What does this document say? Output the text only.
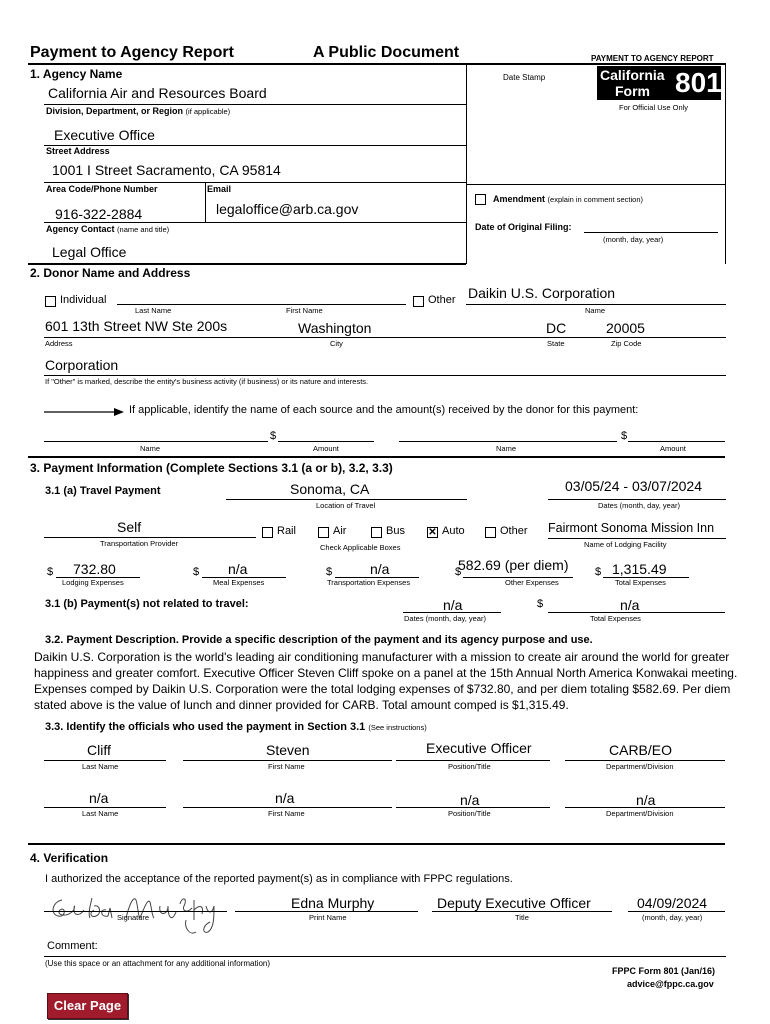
Payment to Agency Report	A Public Document	PAYMENT TO AGENCY REPORT
California
Form 801
For Official Use Only
Date Stamp
1. Agency Name
California Air and Resources Board
Division, Department, or Region (if applicable)
Executive Office
Street Address
1001 I Street Sacramento, CA 95814
Area Code/Phone Number	Email
916-322-2884	legaloffice@arb.ca.gov
Agency Contact (name and title)
Legal Office
Amendment (explain in comment section)
Date of Original Filing:
(month, day, year)
2. Donor Name and Address
Individual
Last Name	First Name
Other Daikin U.S. Corporation
Name
601 13th Street NW Ste 200s	Washington	DC	20005
Address	City	State	Zip Code
Corporation
If "Other" is marked, describe the entity's business activity (if business) or its nature and interests.
If applicable, identify the name of each source and the amount(s) received by the donor for this payment:
$	$
Name	Amount	Name	Amount
3. Payment Information (Complete Sections 3.1 (a or b), 3.2, 3.3)
3.1 (a) Travel Payment	Sonoma, CA
Location of Travel
03/05/24 - 03/07/2024
Dates (month, day, year)
Self
Transportation Provider
Rail	Air	Bus ✕ Auto	Other
Check Applicable Boxes
Fairmont Sonoma Mission Inn
Name of Lodging Facility
$ 732.80
Lodging Expenses
$ n/a
Meal Expenses
$	n/a
Transportation Expenses
$
582.69 (per diem)
Other Expenses
$ 1,315.49
Total Expenses
3.1 (b) Payment(s) not related to travel:	n/a
Dates (month, day, year)
$	n/a
Total Expenses
3.2. Payment Description. Provide a specific description of the payment and its agency purpose and use.
Daikin U.S. Corporation is the world's leading air conditioning manufacturer with a mission to create air around the world for greater happiness and greater comfort. Executive Officer Steven Cliff spoke on a panel at the 15th Annual North America Konwakai meeting. Expenses comped by Daikin U.S. Corporation were the total lodging expenses of $732.80, and per diem totaling $582.69. Per diem stated above is the value of lunch and dinner provided for CARB. Total amount comped is $1,315.49.
3.3. Identify the officials who used the payment in Section 3.1 (See instructions)
Cliff
Last Name
Steven
First Name
Executive Officer
Position/Title
CARB/EO
Department/Division
n/a
Last Name
n/a
First Name
n/a
Position/Title
n/a
Department/Division
4. Verification
I authorized the acceptance of the reported payment(s) as in compliance with FPPC regulations.
Signature
Edna Murphy
Print Name
Deputy Executive Officer
Title
04/09/2024
(month, day, year)
Comment:
(Use this space or an attachment for any additional information)
FPPC Form 801 (Jan/16)
advice@fppc.ca.gov
Clear Page
